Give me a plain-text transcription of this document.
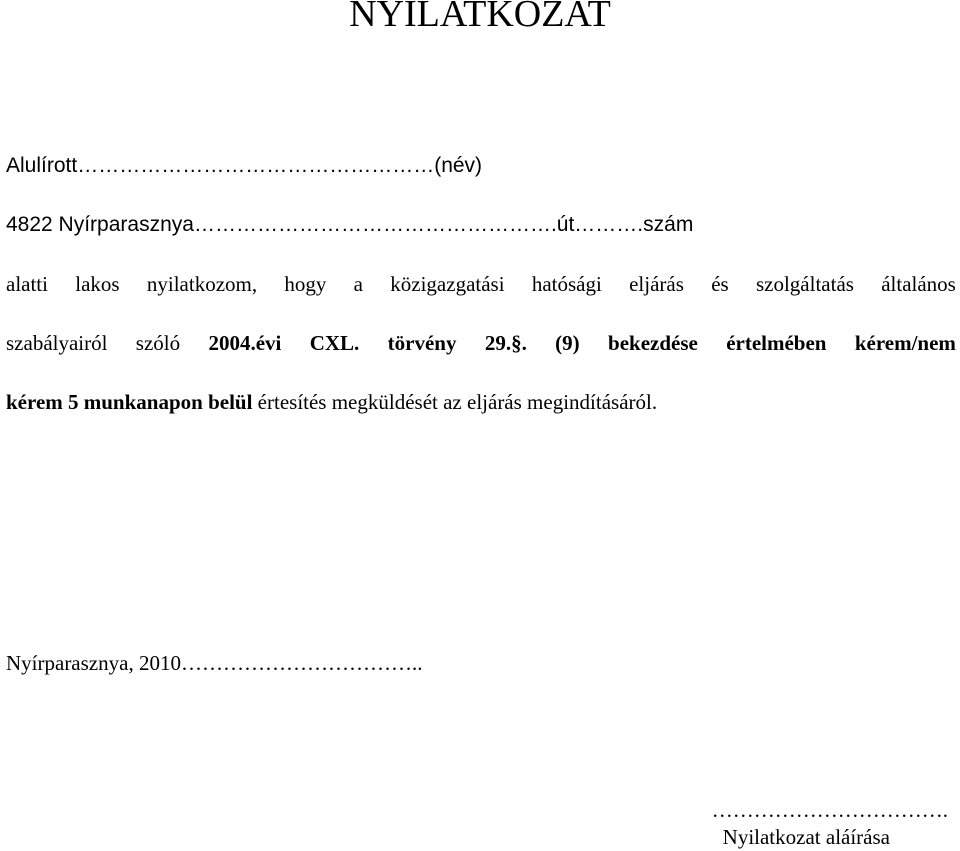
NYILATKOZAT
Alulírott……………………………………………(név)
4822 Nyírparasznya…………………………………………….út……….szám
alatti lakos nyilatkozom, hogy a közigazgatási hatósági eljárás és szolgáltatás általános
szabályairól szóló 2004.évi CXL. törvény 29.§. (9) bekezdése értelmében kérem/nem
kérem 5 munkanapon belül értesítés megküldését az eljárás megindításáról.
Nyírparasznya, 2010……………………………..
…………………………….
Nyilatkozat aláírása
